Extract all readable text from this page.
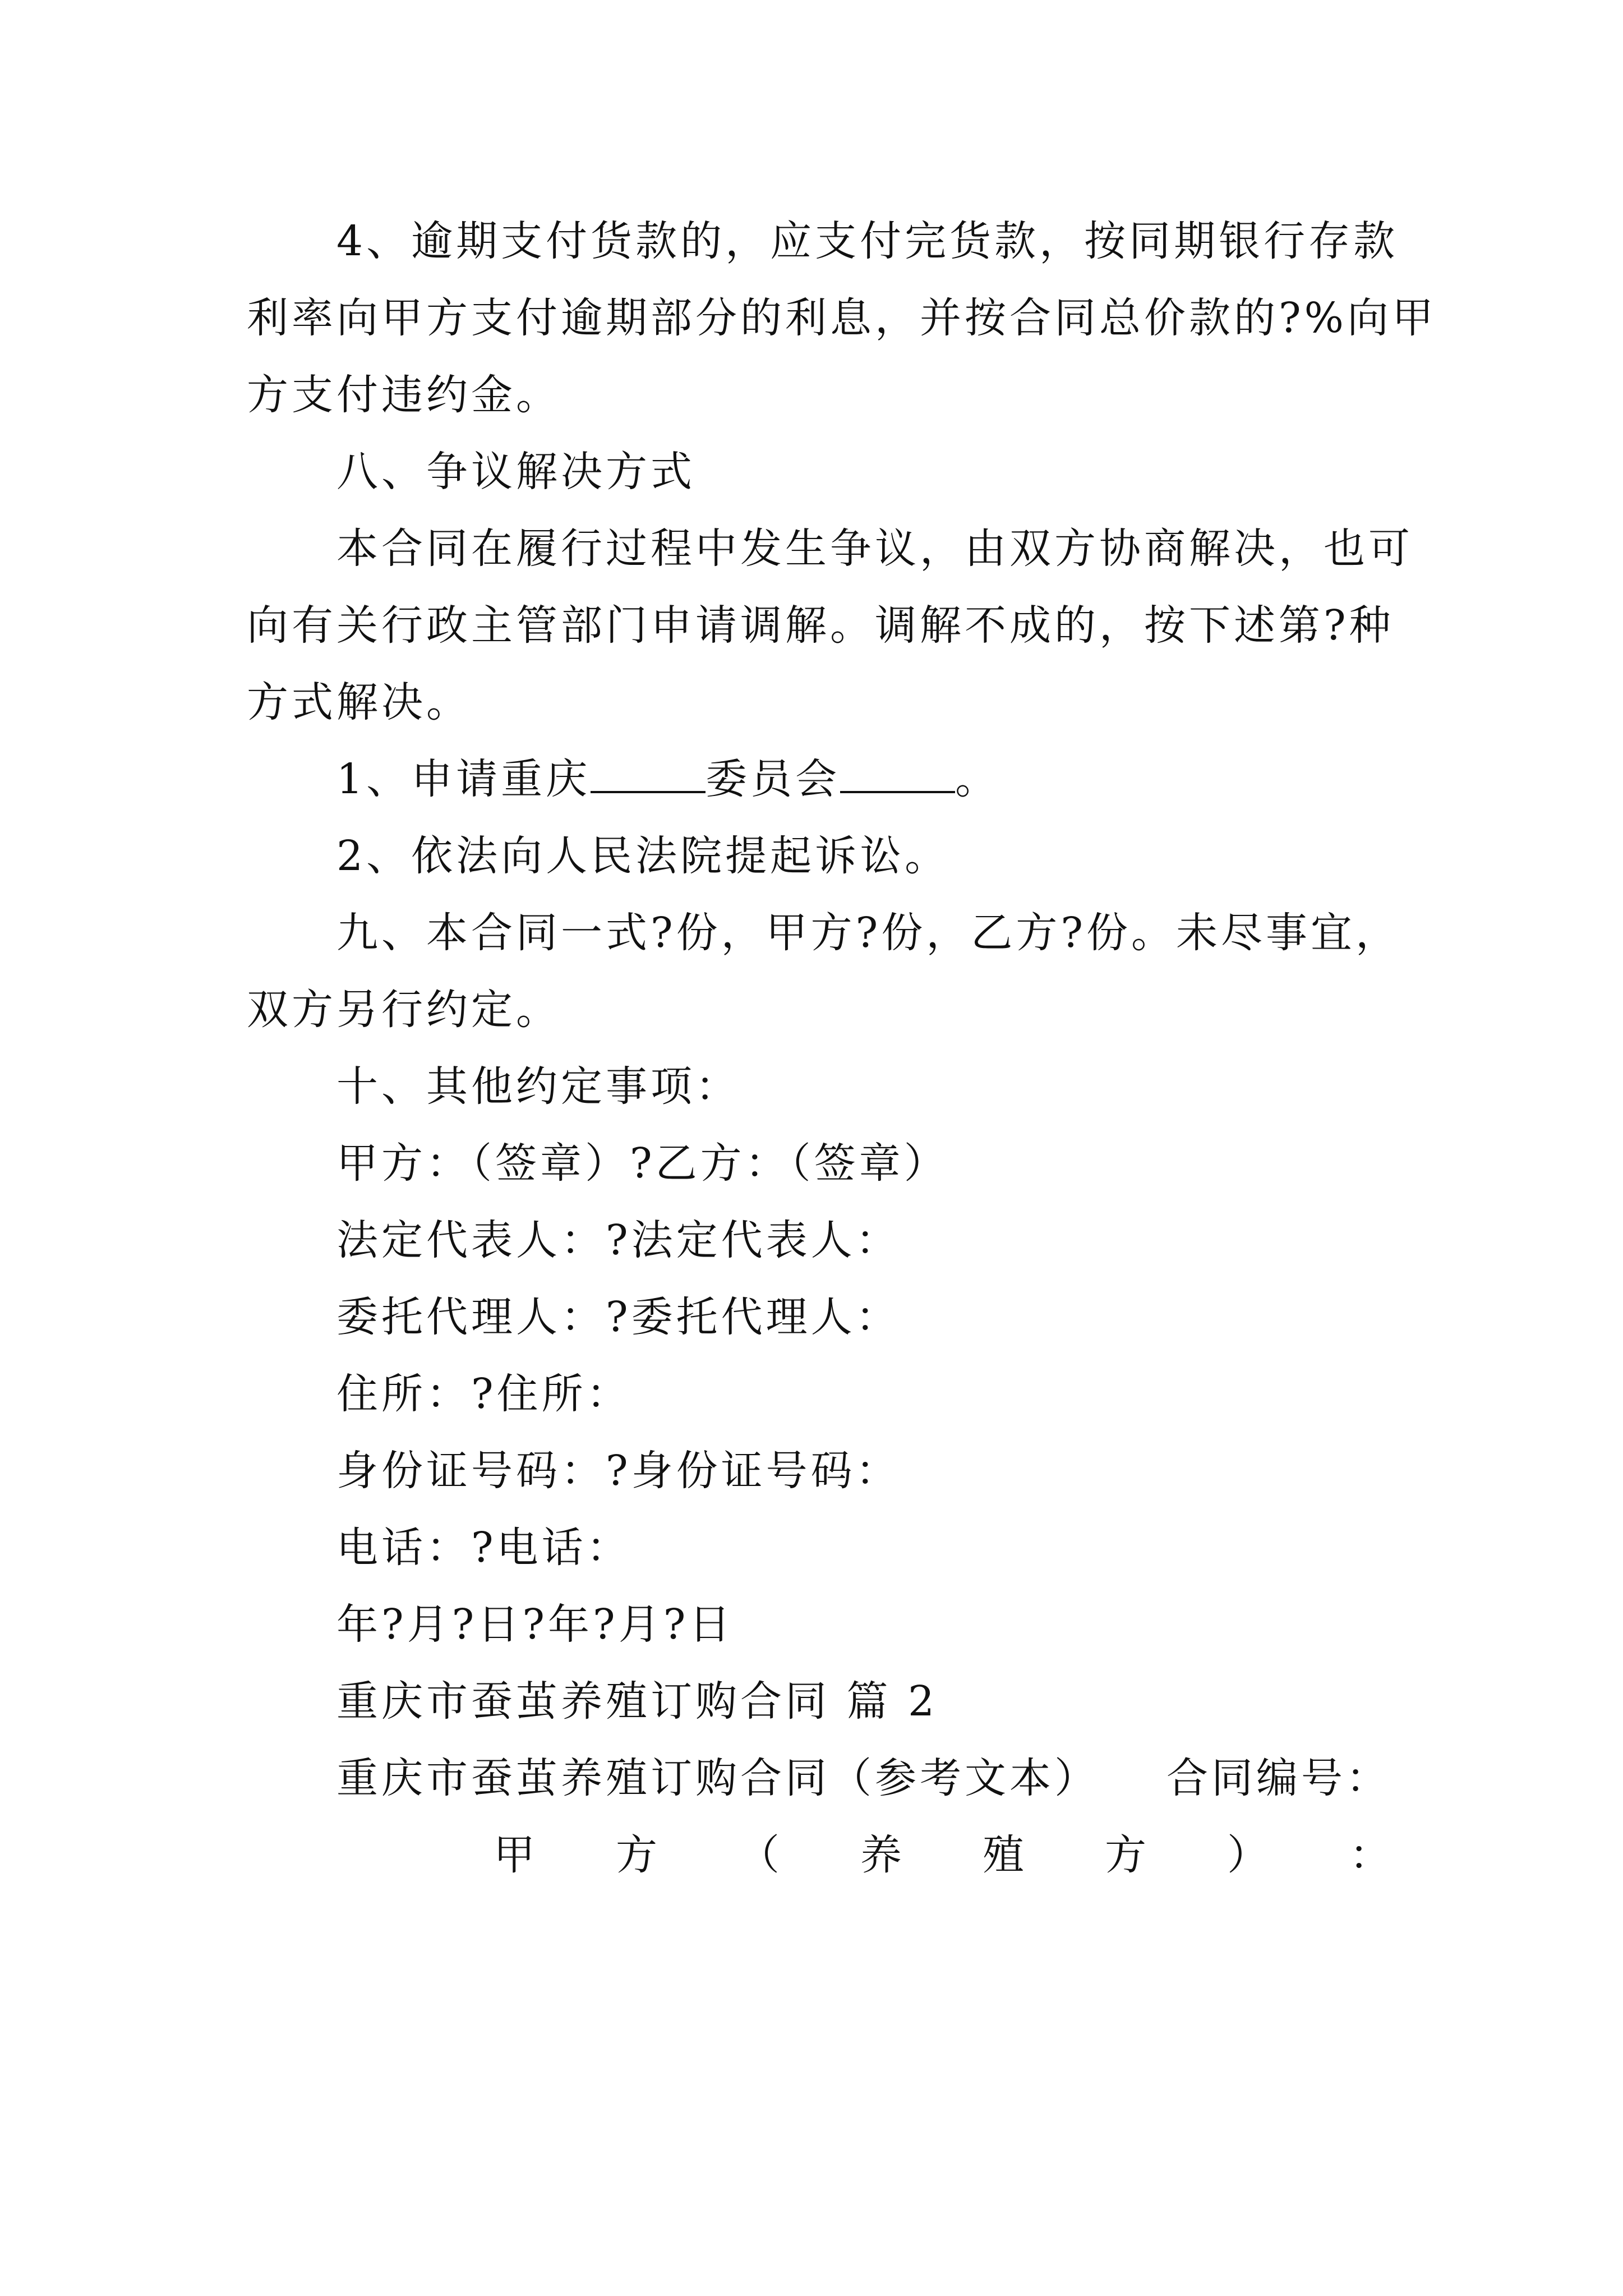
4、逾期支付货款的，应支付完货款，按同期银行存款
利率向甲方支付逾期部分的利息，并按合同总价款的?%向甲
方支付违约金。
八、争议解决方式
本合同在履行过程中发生争议，由双方协商解决，也可
向有关行政主管部门申请调解。调解不成的，按下述第?种
方式解决。
1、申请重庆	委员会	。
2、依法向人民法院提起诉讼。
九、本合同一式?份，甲方?份，乙方?份。未尽事宜，
双方另行约定。
十、其他约定事项：
甲方：（签章）?乙方：（签章）
法定代表人：?法定代表人：
委托代理人：?委托代理人：
住所：?住所：
身份证号码：?身份证号码：
电话：?电话：
年?月?日?年?月?日
重庆市蚕茧养殖订购合同 篇 2
重庆市蚕茧养殖订购合同（参考文本） 合同编号：
甲 方 （ 养 殖 方 ） ：
